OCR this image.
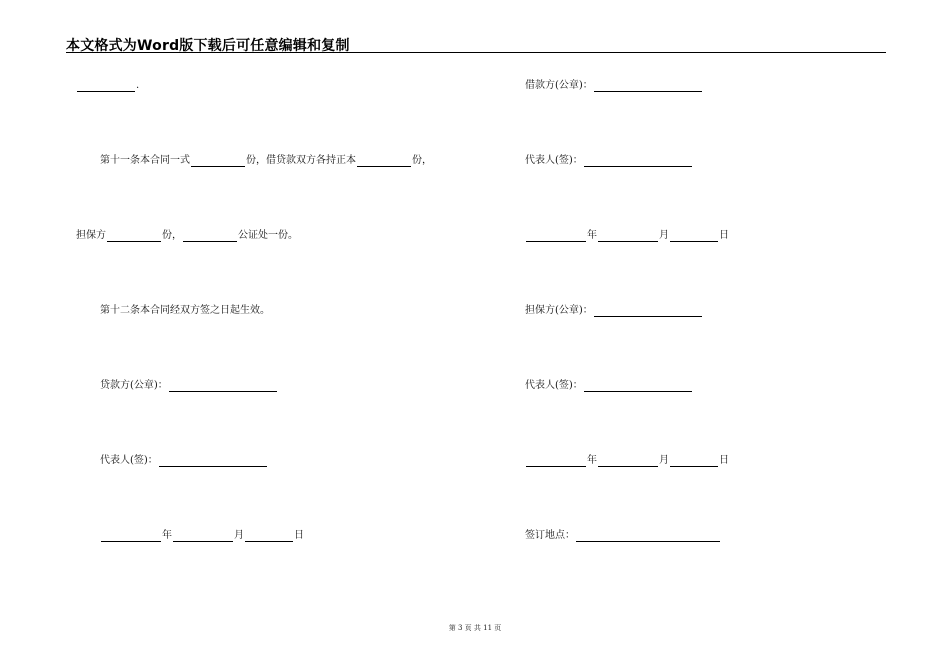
本文格式为Word版下载后可任意编辑和复制
.
第十一条本合同一式	份，借贷款双方各持正本	份，
担保方	份，	公证处一份。
第十二条本合同经双方签之日起生效。
贷款方(公章)：
代表人(签)：
年	月	日
借款方(公章)：
代表人(签)：
年	月	日
担保方(公章)：
代表人(签)：
年	月	日
签订地点：
第 3 页 共 11 页
